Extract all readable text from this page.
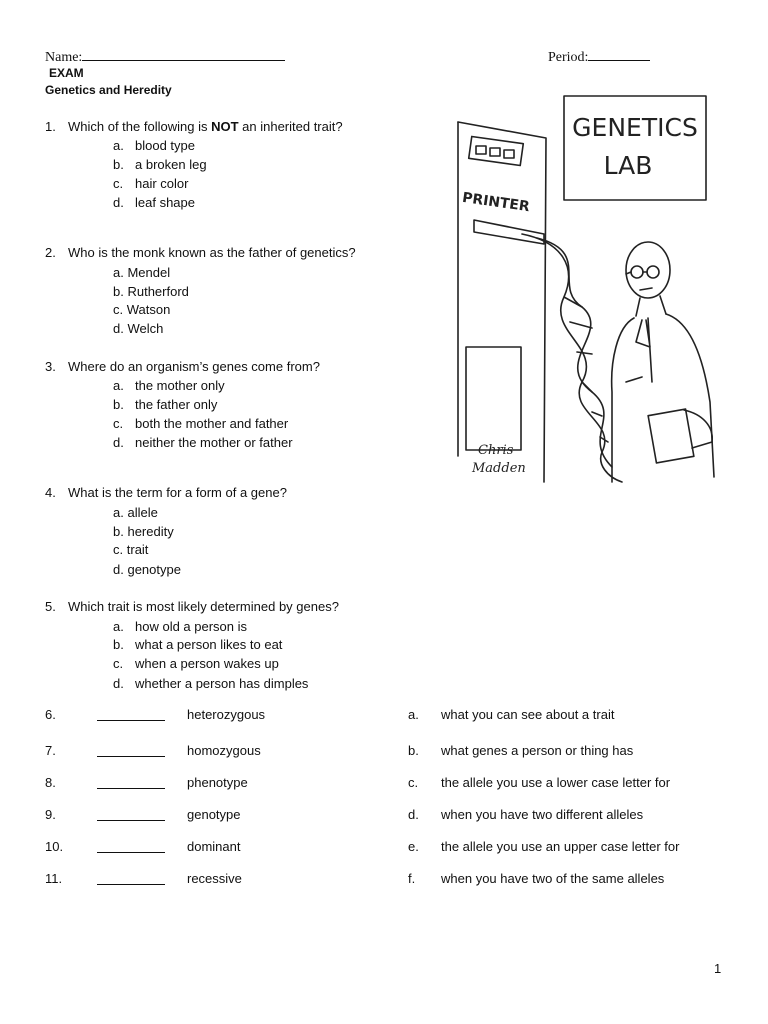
Name:	Period:
EXAM
Genetics and Heredity
1. Which of the following is NOT an inherited trait?
a. blood type
b. a broken leg
c. hair color
d. leaf shape
2. Who is the monk known as the father of genetics?
a. Mendel
b. Rutherford
c. Watson
d. Welch
3. Where do an organism’s genes come from?
a. the mother only
b. the father only
c. both the mother and father
d. neither the mother or father
4. What is the term for a form of a gene?
a. allele
b. heredity
c. trait
d. genotype
5. Which trait is most likely determined by genes?
a. how old a person is
b. what a person likes to eat
c. when a person wakes up
d. whether a person has dimples
6.	heterozygous	a. what you can see about a trait
7.	homozygous	b. what genes a person or thing has
8.	phenotype	c. the allele you use a lower case letter for
9.	genotype	d. when you have two different alleles
10.	dominant	e. the allele you use an upper case letter for
11.	recessive	f. when you have two of the same alleles
GENETICS
LAB
PRINTER
Chris
Madden
1
